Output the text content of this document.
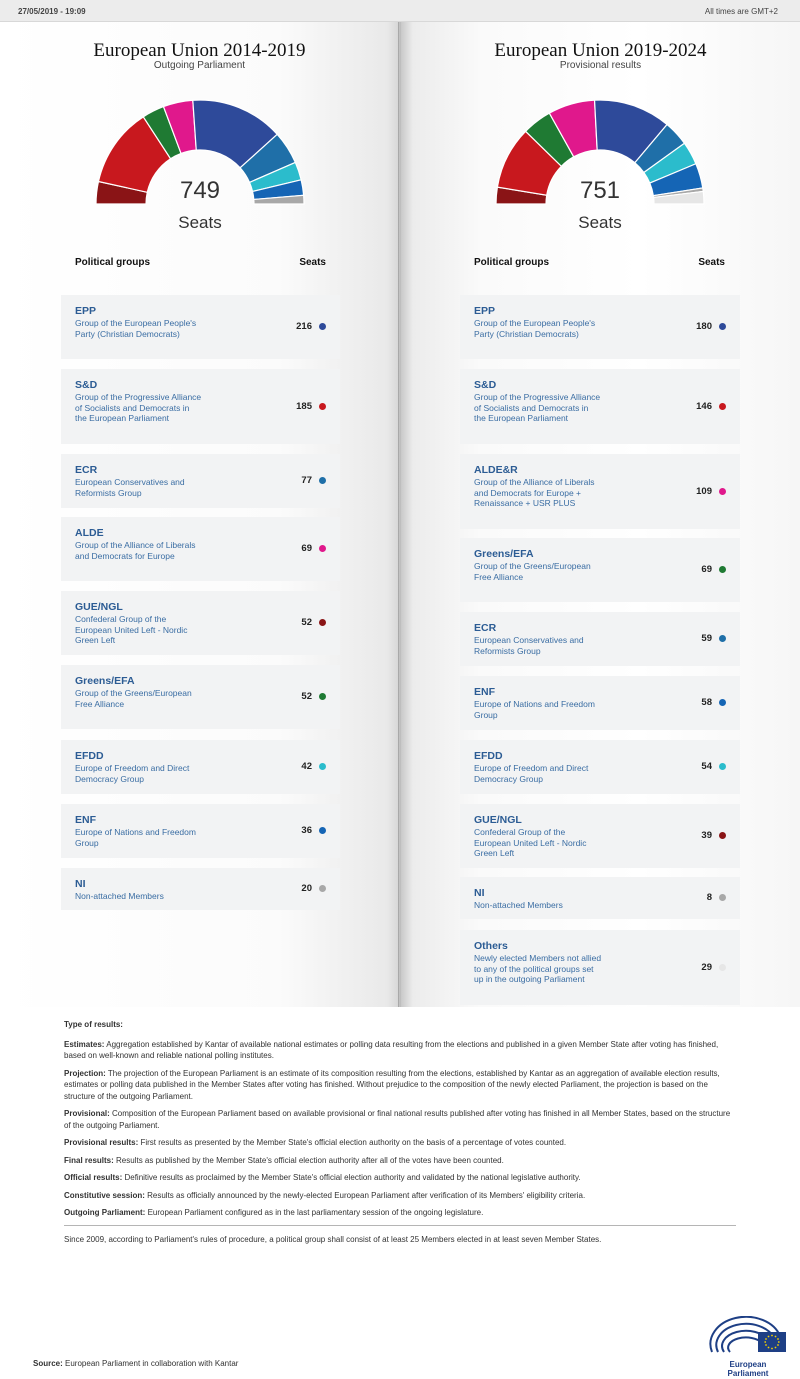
27/05/2019 - 19:09	All times are GMT+2
European Union 2014-2019
Outgoing Parliament
749
Seats
Political groups	Seats
EPP
Group of the European People's Party (Christian Democrats)
216
S&D
Group of the Progressive Alliance of Socialists and Democrats in the European Parliament
185
ECR
European Conservatives and Reformists Group
77
ALDE
Group of the Alliance of Liberals and Democrats for Europe
69
GUE/NGL
Confederal Group of the European United Left - Nordic Green Left
52
Greens/EFA
Group of the Greens/European Free Alliance
52
EFDD
Europe of Freedom and Direct Democracy Group
42
ENF
Europe of Nations and Freedom Group
36
NI
Non-attached Members
20
European Union 2019-2024
Provisional results
751
Seats
Political groups	Seats
EPP
Group of the European People's Party (Christian Democrats)
180
S&D
Group of the Progressive Alliance of Socialists and Democrats in the European Parliament
146
ALDE&R
Group of the Alliance of Liberals and Democrats for Europe + Renaissance + USR PLUS
109
Greens/EFA
Group of the Greens/European Free Alliance
69
ECR
European Conservatives and Reformists Group
59
ENF
Europe of Nations and Freedom Group
58
EFDD
Europe of Freedom and Direct Democracy Group
54
GUE/NGL
Confederal Group of the European United Left - Nordic Green Left
39
NI
Non-attached Members
8
Others
Newly elected Members not allied to any of the political groups set up in the outgoing Parliament
29
Type of results:
Estimates: Aggregation established by Kantar of available national estimates or polling data resulting from the elections and published in a given Member State after voting has finished, based on well-known and reliable national polling institutes.
Projection: The projection of the European Parliament is an estimate of its composition resulting from the elections, established by Kantar as an aggregation of available election results, estimates or polling data published in the Member States after voting has finished. Without prejudice to the composition of the newly elected Parliament, the projection is based on the structure of the outgoing Parliament.
Provisional: Composition of the European Parliament based on available provisional or final national results published after voting has finished in all Member States, based on the structure of the outgoing Parliament.
Provisional results: First results as presented by the Member State's official election authority on the basis of a percentage of votes counted.
Final results: Results as published by the Member State's official election authority after all of the votes have been counted.
Official results: Definitive results as proclaimed by the Member State's official election authority and validated by the national legislative authority.
Constitutive session: Results as officially announced by the newly-elected European Parliament after verification of its Members' eligibility criteria.
Outgoing Parliament: European Parliament configured as in the last parliamentary session of the ongoing legislature.
Since 2009, according to Parliament's rules of procedure, a political group shall consist of at least 25 Members elected in at least seven Member States.
Source: European Parliament in collaboration with Kantar	European Parliament
